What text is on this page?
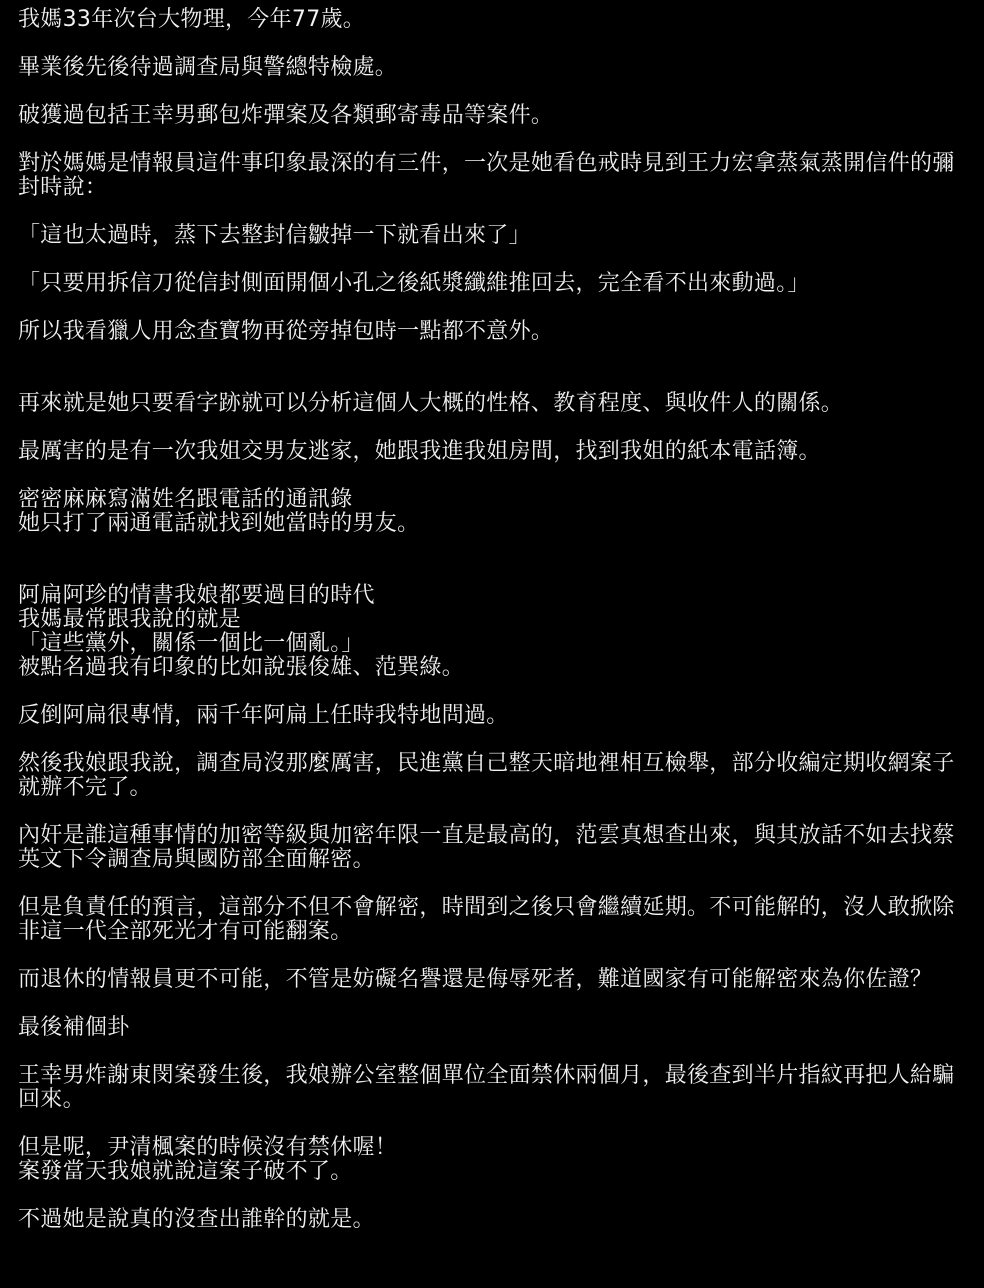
我媽33年次台大物理，今年77歲。

畢業後先後待過調查局與警總特檢處。

破獲過包括王幸男郵包炸彈案及各類郵寄毒品等案件。

對於媽媽是情報員這件事印象最深的有三件，一次是她看色戒時見到王力宏拿蒸氣蒸開信件的彌封時說：

「這也太過時，蒸下去整封信皺掉一下就看出來了」

「只要用拆信刀從信封側面開個小孔之後紙漿纖維推回去，完全看不出來動過。」

所以我看獵人用念查寶物再從旁掉包時一點都不意外。

再來就是她只要看字跡就可以分析這個人大概的性格、教育程度、與收件人的關係。

最厲害的是有一次我姐交男友逃家，她跟我進我姐房間，找到我姐的紙本電話簿。

密密麻麻寫滿姓名跟電話的通訊錄
她只打了兩通電話就找到她當時的男友。

阿扁阿珍的情書我娘都要過目的時代
我媽最常跟我說的就是
「這些黨外，關係一個比一個亂。」
被點名過我有印象的比如說張俊雄、范巽綠。

反倒阿扁很專情，兩千年阿扁上任時我特地問過。

然後我娘跟我說，調查局沒那麼厲害，民進黨自己整天暗地裡相互檢舉，部分收編定期收網案子就辦不完了。

內奸是誰這種事情的加密等級與加密年限一直是最高的，范雲真想查出來，與其放話不如去找蔡英文下令調查局與國防部全面解密。

但是負責任的預言，這部分不但不會解密，時間到之後只會繼續延期。不可能解的，沒人敢掀除非這一代全部死光才有可能翻案。

而退休的情報員更不可能，不管是妨礙名譽還是侮辱死者，難道國家有可能解密來為你佐證？

最後補個卦

王幸男炸謝東閔案發生後，我娘辦公室整個單位全面禁休兩個月，最後查到半片指紋再把人給騙回來。

但是呢，尹清楓案的時候沒有禁休喔！
案發當天我娘就說這案子破不了。

不過她是說真的沒查出誰幹的就是。
